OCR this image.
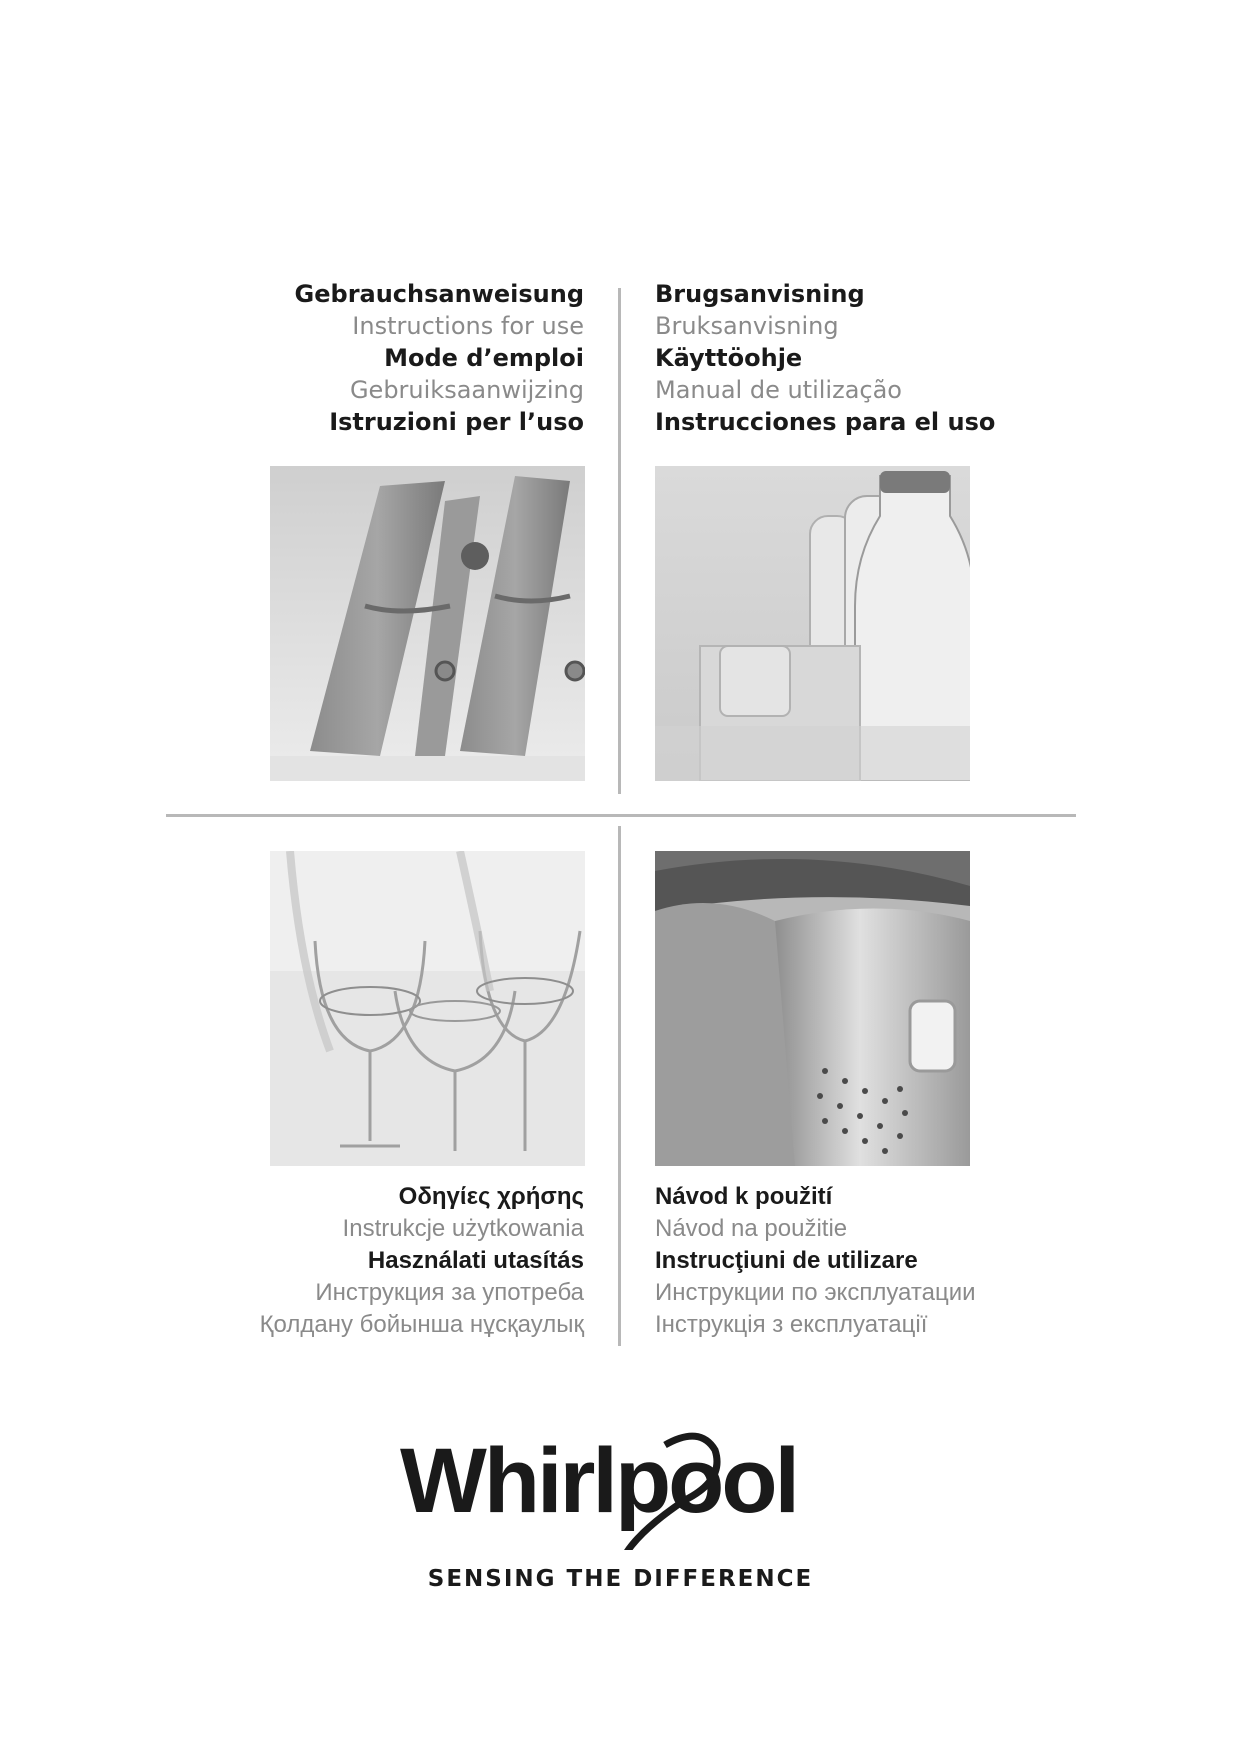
Gebrauchsanweisung
Instructions for use
Mode d’emploi
Gebruiksaanwijzing
Istruzioni per l’uso
Brugsanvisning
Bruksanvisning
Käyttöohje
Manual de utilização
Instrucciones para el uso
Οδηγίες χρήσης
Instrukcje użytkowania
Használati utasítás
Инструкция за употреба
Қолдану бойынша нұсқаулық
Návod k použití
Návod na použitie
Instrucţiuni de utilizare
Инструкции по эксплуатации
Інструкція з експлуатації
Whirlpool
SENSING THE DIFFERENCE
